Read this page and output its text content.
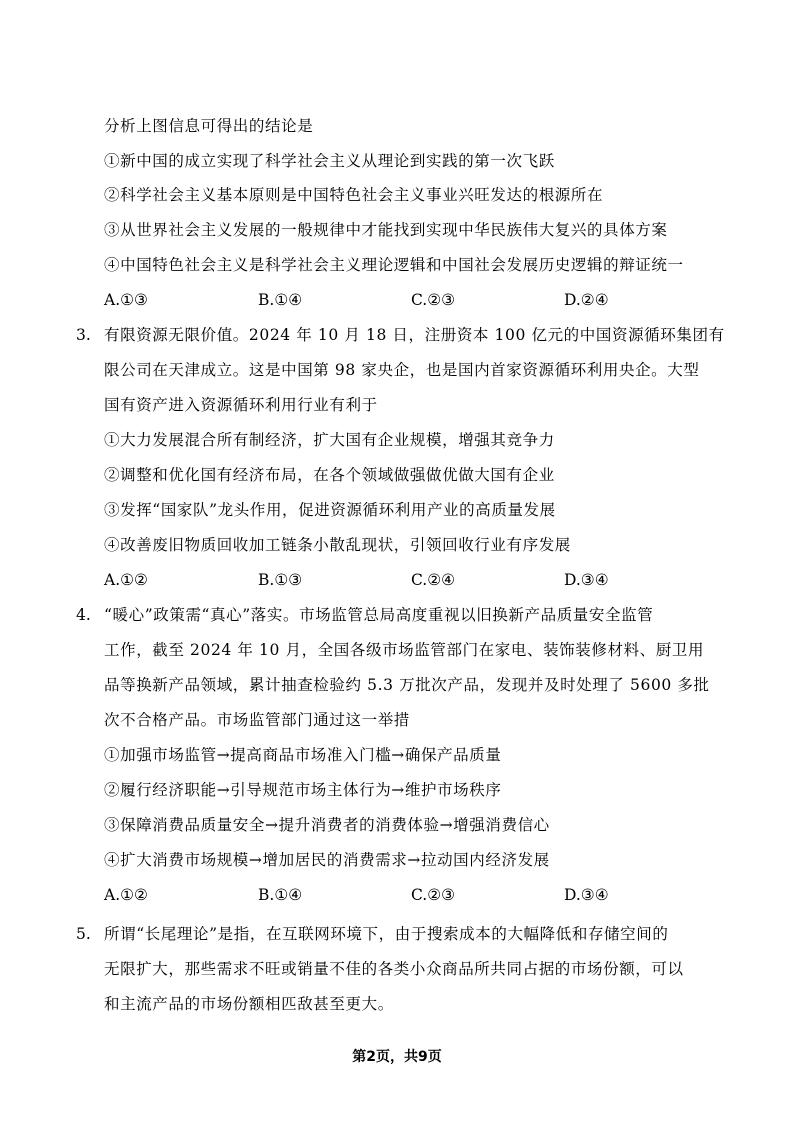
分析上图信息可得出的结论是
①新中国的成立实现了科学社会主义从理论到实践的第一次飞跃
②科学社会主义基本原则是中国特色社会主义事业兴旺发达的根源所在
③从世界社会主义发展的一般规律中才能找到实现中华民族伟大复兴的具体方案
④中国特色社会主义是科学社会主义理论逻辑和中国社会发展历史逻辑的辩证统一
A.①③	B.①④	C.②③	D.②④
3. 有限资源无限价值。2024 年 10 月 18 日，注册资本 100 亿元的中国资源循环集团有
限公司在天津成立。这是中国第 98 家央企，也是国内首家资源循环利用央企。大型
国有资产进入资源循环利用行业有利于
①大力发展混合所有制经济，扩大国有企业规模，增强其竞争力
②调整和优化国有经济布局，在各个领域做强做优做大国有企业
③发挥“国家队”龙头作用，促进资源循环利用产业的高质量发展
④改善废旧物质回收加工链条小散乱现状，引领回收行业有序发展
A.①②	B.①③	C.②④	D.③④
4. “暖心”政策需“真心”落实。市场监管总局高度重视以旧换新产品质量安全监管
工作，截至 2024 年 10 月，全国各级市场监管部门在家电、装饰装修材料、厨卫用
品等换新产品领域，累计抽查检验约 5.3 万批次产品，发现并及时处理了 5600 多批
次不合格产品。市场监管部门通过这一举措
①加强市场监管→提高商品市场准入门槛→确保产品质量
②履行经济职能→引导规范市场主体行为→维护市场秩序
③保障消费品质量安全→提升消费者的消费体验→增强消费信心
④扩大消费市场规模→增加居民的消费需求→拉动国内经济发展
A.①②	B.①④	C.②③	D.③④
5. 所谓“长尾理论”是指，在互联网环境下，由于搜索成本的大幅降低和存储空间的
无限扩大，那些需求不旺或销量不佳的各类小众商品所共同占据的市场份额，可以
和主流产品的市场份额相匹敌甚至更大。
第2页，共9页
